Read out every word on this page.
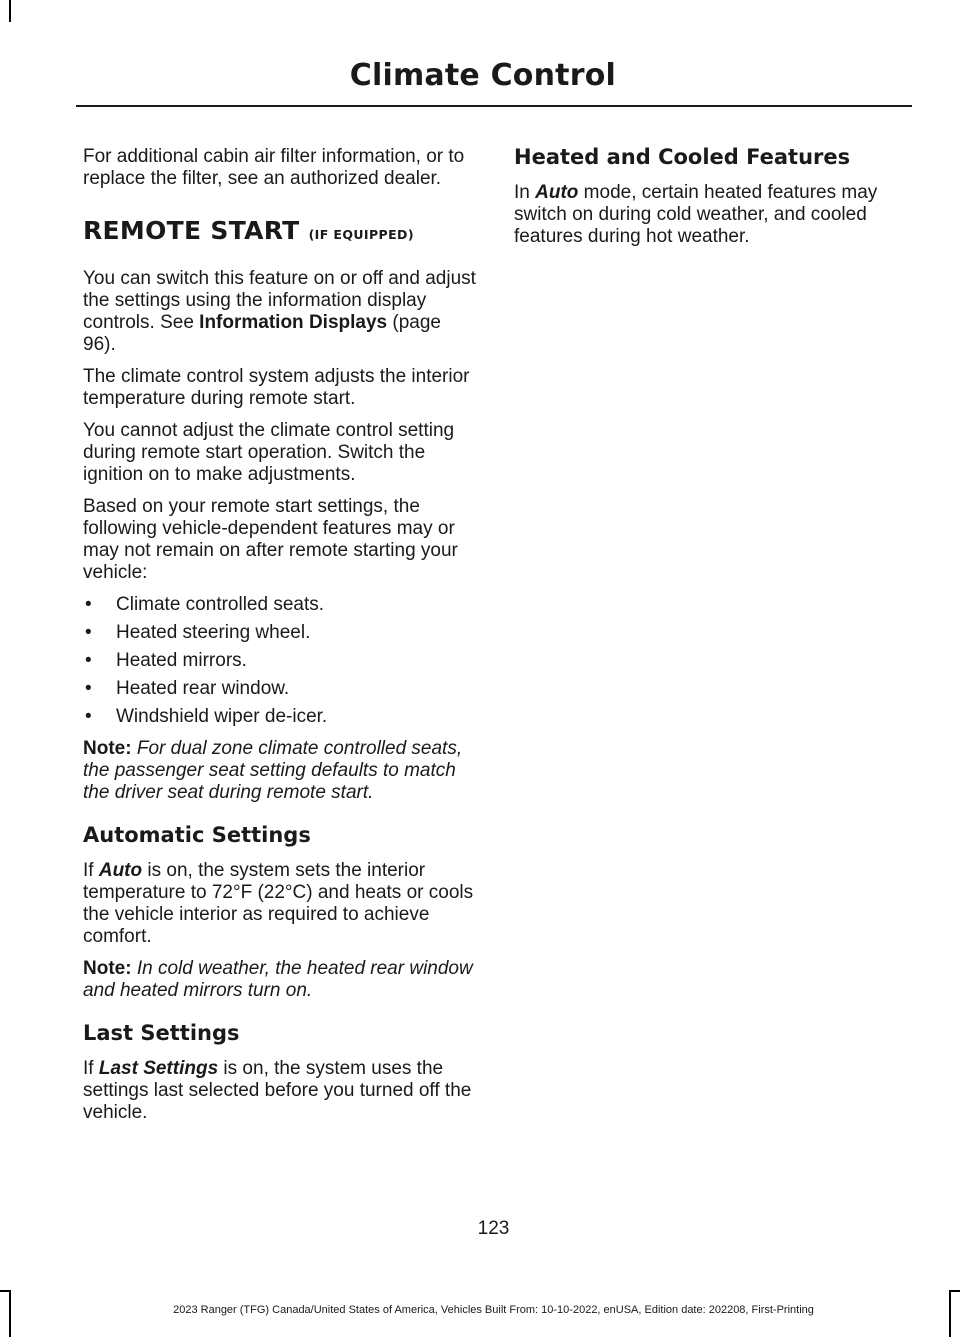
Climate Control

For additional cabin air filter information, or to replace the filter, see an authorized dealer.

REMOTE START (IF EQUIPPED)

You can switch this feature on or off and adjust the settings using the information display controls. See Information Displays (page 96).

The climate control system adjusts the interior temperature during remote start.

You cannot adjust the climate control setting during remote start operation. Switch the ignition on to make adjustments.

Based on your remote start settings, the following vehicle-dependent features may or may not remain on after remote starting your vehicle:

• Climate controlled seats.
• Heated steering wheel.
• Heated mirrors.
• Heated rear window.
• Windshield wiper de-icer.

Note: For dual zone climate controlled seats, the passenger seat setting defaults to match the driver seat during remote start.

Automatic Settings

If Auto is on, the system sets the interior temperature to 72°F (22°C) and heats or cools the vehicle interior as required to achieve comfort.

Note: In cold weather, the heated rear window and heated mirrors turn on.

Last Settings

If Last Settings is on, the system uses the settings last selected before you turned off the vehicle.

Heated and Cooled Features

In Auto mode, certain heated features may switch on during cold weather, and cooled features during hot weather.

123
2023 Ranger (TFG) Canada/United States of America, Vehicles Built From: 10-10-2022, enUSA, Edition date: 202208, First-Printing
